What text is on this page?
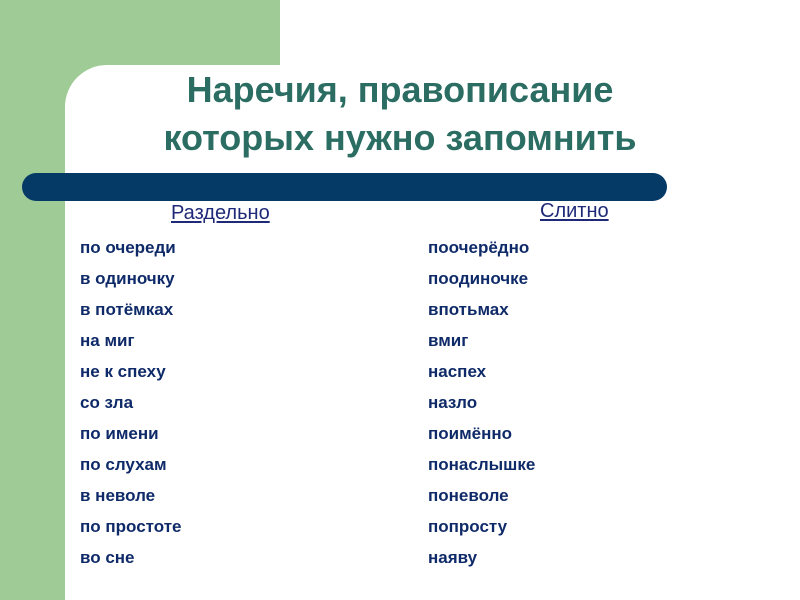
Наречия, правописание
которых нужно запомнить

Раздельно	Слитно

по очереди
в одиночку
в потёмках
на миг
не к спеху
со зла
по имени
по слухам
в неволе
по простоте
во сне
поочерёдно
поодиночке
впотьмах
вмиг
наспех
назло
поимённо
понаслышке
поневоле
попросту
наяву
